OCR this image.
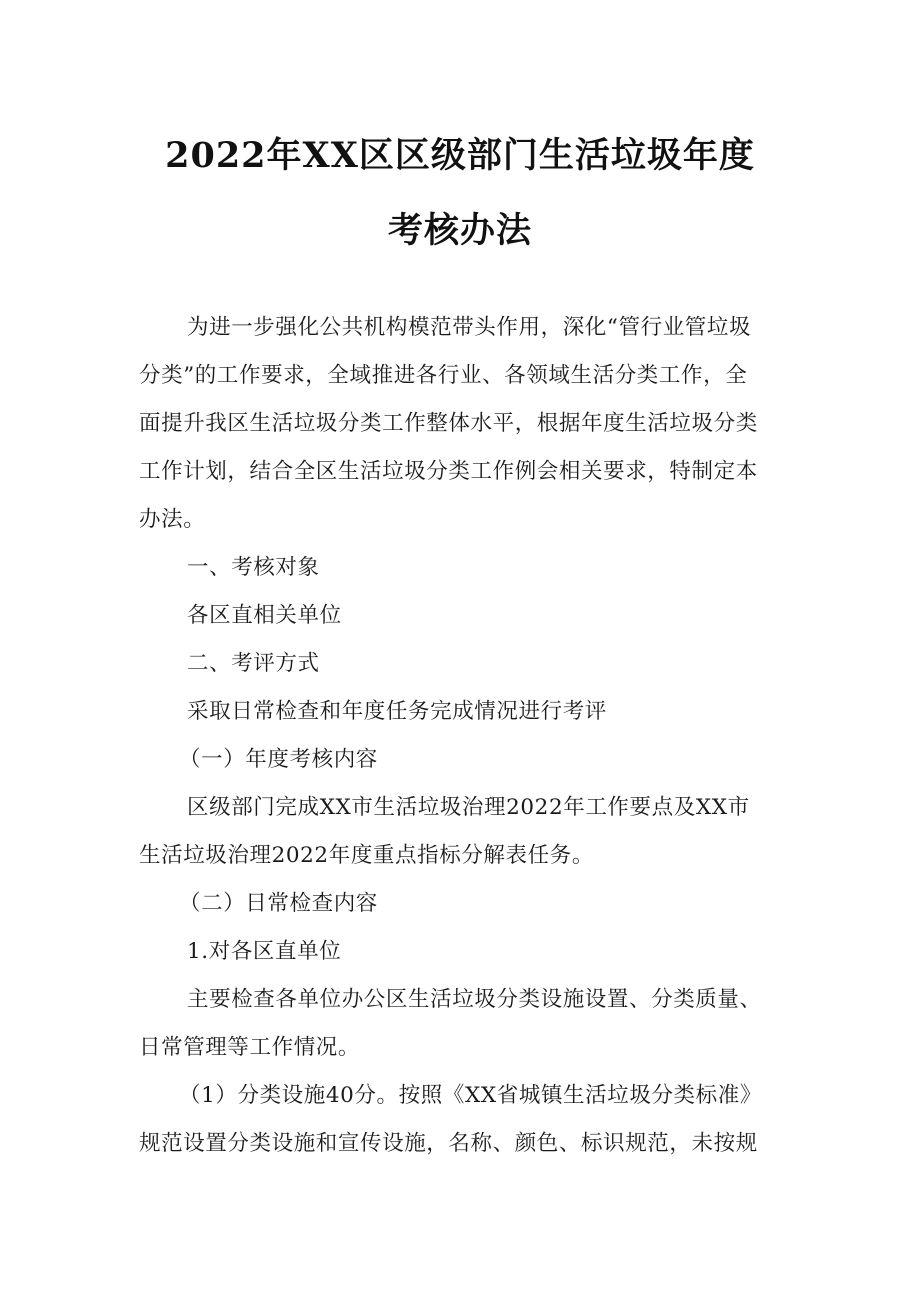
2022年XX区区级部门生活垃圾年度
考核办法
为进一步强化公共机构模范带头作用，深化“管行业管垃圾
分类”的工作要求，全域推进各行业、各领域生活分类工作，全
面提升我区生活垃圾分类工作整体水平，根据年度生活垃圾分类
工作计划，结合全区生活垃圾分类工作例会相关要求，特制定本
办法。
一、考核对象
各区直相关单位
二、考评方式
采取日常检查和年度任务完成情况进行考评
（一）年度考核内容
区级部门完成XX市生活垃圾治理2022年工作要点及XX市
生活垃圾治理2022年度重点指标分解表任务。
（二）日常检查内容
1.对各区直单位
主要检查各单位办公区生活垃圾分类设施设置、分类质量、
日常管理等工作情况。
（1）分类设施40分。按照《XX省城镇生活垃圾分类标准》
规范设置分类设施和宣传设施，名称、颜色、标识规范，未按规
